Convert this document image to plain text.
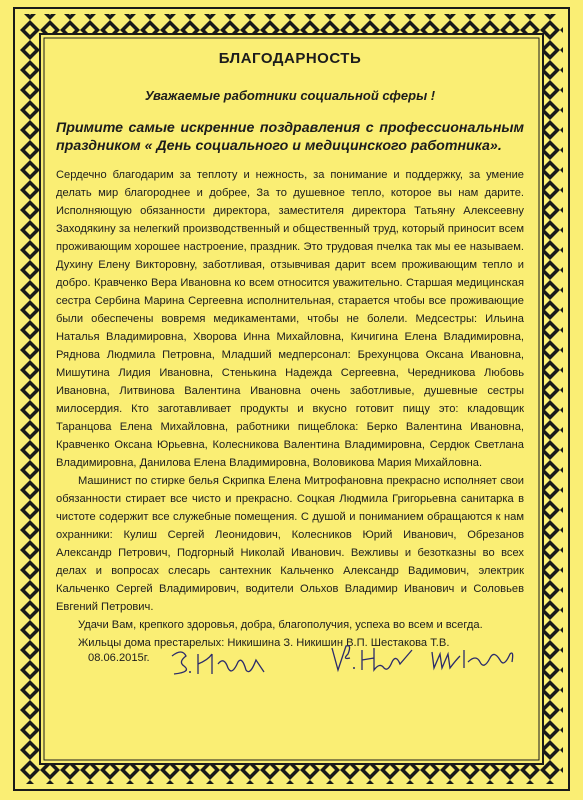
БЛАГОДАРНОСТЬ

Уважаемые работники социальной сферы !

Примите самые искренние поздравления с профессиональным праздником « День социального и медицинского работника».

Сердечно благодарим за теплоту и нежность, за понимание и поддержку, за умение делать мир благороднее и добрее, За то душевное тепло, которое вы нам дарите. Исполняющую обязанности директора, заместителя директора Татьяну Алексеевну Заходякину за нелегкий производственный и общественный труд, который приносит всем проживающим хорошее настроение, праздник. Это трудовая пчелка так мы ее называем. Духину Елену Викторовну, заботливая, отзывчивая дарит всем проживающим тепло и добро. Кравченко Вера Ивановна ко всем относится уважительно. Старшая медицинская сестра Сербина Марина Сергеевна исполнительная, старается чтобы все проживающие были обеспечены вовремя медикаментами, чтобы не болели. Медсестры: Ильина Наталья Владимировна, Хворова Инна Михайловна, Кичигина Елена Владимировна, Ряднова Людмила Петровна, Младший медперсонал: Брехунцова Оксана Ивановна, Мишутина Лидия Ивановна, Стенькина Надежда Сергеевна, Чередникова Любовь Ивановна, Литвинова Валентина Ивановна очень заботливые, душевные сестры милосердия. Кто заготавливает продукты и вкусно готовит пищу это: кладовщик Таранцова Елена Михайловна, работники пищеблока: Берко Валентина Ивановна, Кравченко Оксана Юрьевна, Колесникова Валентина Владимировна, Сердюк Светлана Владимировна, Данилова Елена Владимировна, Воловикова Мария Михайловна.

Машинист по стирке белья Скрипка Елена Митрофановна прекрасно исполняет свои обязанности стирает все чисто и прекрасно. Соцкая Людмила Григорьевна санитарка в чистоте содержит все служебные помещения. С душой и пониманием обращаются к нам охранники: Кулиш Сергей Леонидович, Колесников Юрий Иванович, Обрезанов Александр Петрович, Подгорный Николай Иванович. Вежливы и безотказны во всех делах и вопросах слесарь сантехник Кальченко Александр Вадимович, электрик Кальченко Сергей Владимирович, водители Ольхов Владимир Иванович и Соловьев Евгений Петрович.

Удачи Вам, крепкого здоровья, добра, благополучия, успеха во всем и всегда.

Жильцы дома престарелых: Никишина З. Никишин В.П. Шестакова Т.В.

08.06.2015г.
